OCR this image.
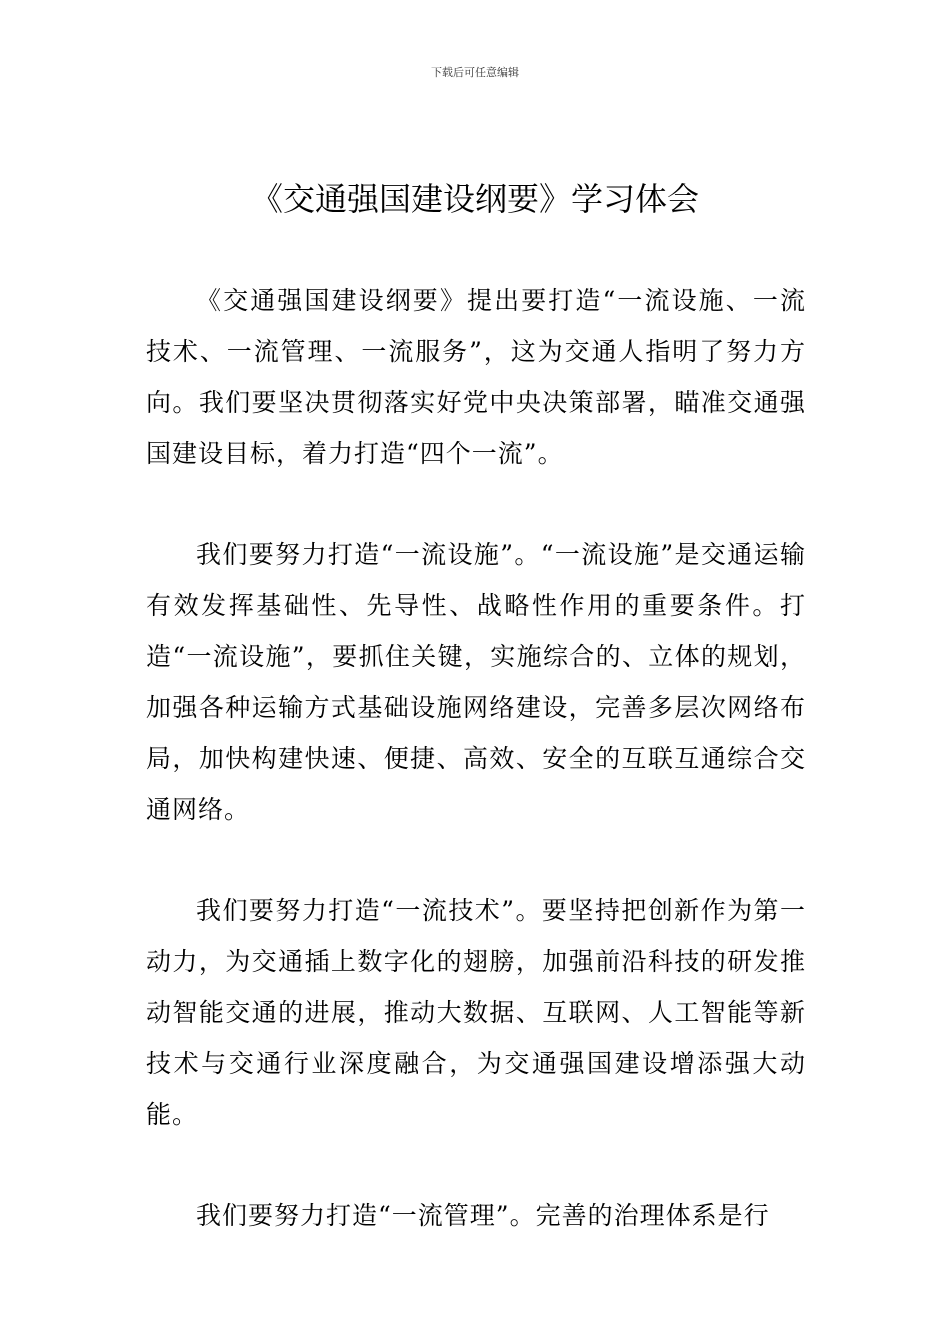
下载后可任意编辑
《交通强国建设纲要》学习体会

《交通强国建设纲要》提出要打造“一流设施、一流技术、一流管理、一流服务”，这为交通人指明了努力方向。我们要坚决贯彻落实好党中央决策部署，瞄准交通强国建设目标，着力打造“四个一流”。

我们要努力打造“一流设施”。“一流设施”是交通运输有效发挥基础性、先导性、战略性作用的重要条件。打造“一流设施”，要抓住关键，实施综合的、立体的规划，加强各种运输方式基础设施网络建设，完善多层次网络布局，加快构建快速、便捷、高效、安全的互联互通综合交通网络。

我们要努力打造“一流技术”。要坚持把创新作为第一动力，为交通插上数字化的翅膀，加强前沿科技的研发推动智能交通的进展，推动大数据、互联网、人工智能等新技术与交通行业深度融合，为交通强国建设增添强大动能。

我们要努力打造“一流管理”。完善的治理体系是行
